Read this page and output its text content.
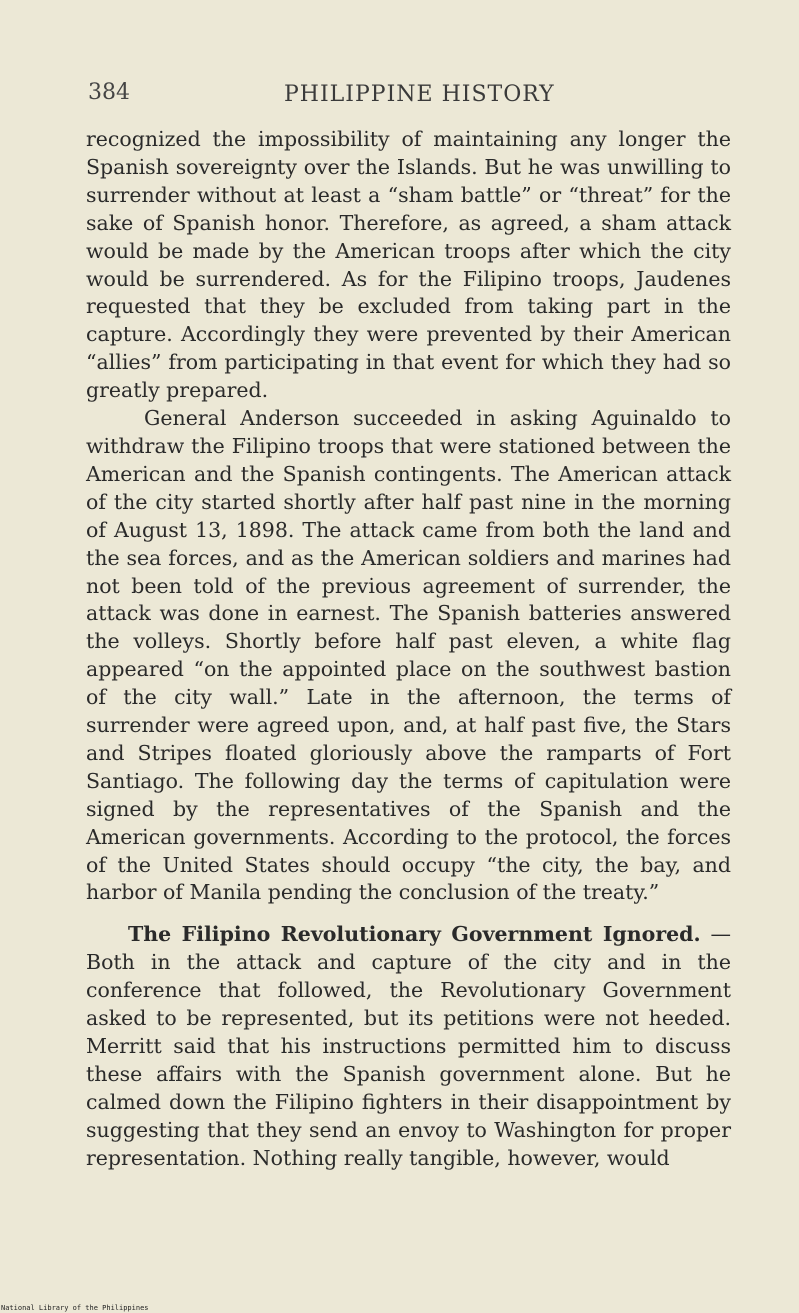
384	PHILIPPINE HISTORY

recognized the impossibility of maintaining any longer the Spanish sovereignty over the Islands. But he was unwilling to surrender without at least a “sham battle” or “threat” for the sake of Spanish honor. Therefore, as agreed, a sham attack would be made by the American troops after which the city would be surrendered. As for the Filipino troops, Jaudenes requested that they be excluded from taking part in the capture. Accordingly they were prevented by their American “allies” from participating in that event for which they had so greatly prepared.

General Anderson succeeded in asking Aguinaldo to withdraw the Filipino troops that were stationed between the American and the Spanish contingents. The American attack of the city started shortly after half past nine in the morning of August 13, 1898. The attack came from both the land and the sea forces, and as the American soldiers and marines had not been told of the previous agreement of surrender, the attack was done in earnest. The Spanish batteries answered the volleys. Shortly before half past eleven, a white flag appeared “on the appointed place on the southwest bastion of the city wall.” Late in the afternoon, the terms of surrender were agreed upon, and, at half past five, the Stars and Stripes floated gloriously above the ramparts of Fort Santiago. The following day the terms of capitulation were signed by the representatives of the Spanish and the American governments. According to the protocol, the forces of the United States should occupy “the city, the bay, and harbor of Manila pending the conclusion of the treaty.”

The Filipino Revolutionary Government Ignored. — Both in the attack and capture of the city and in the conference that followed, the Revolutionary Government asked to be represented, but its petitions were not heeded. Merritt said that his instructions permitted him to discuss these affairs with the Spanish government alone. But he calmed down the Filipino fighters in their disappointment by suggesting that they send an envoy to Washington for proper representation. Nothing really tangible, however, would

National Library of the Philippines
